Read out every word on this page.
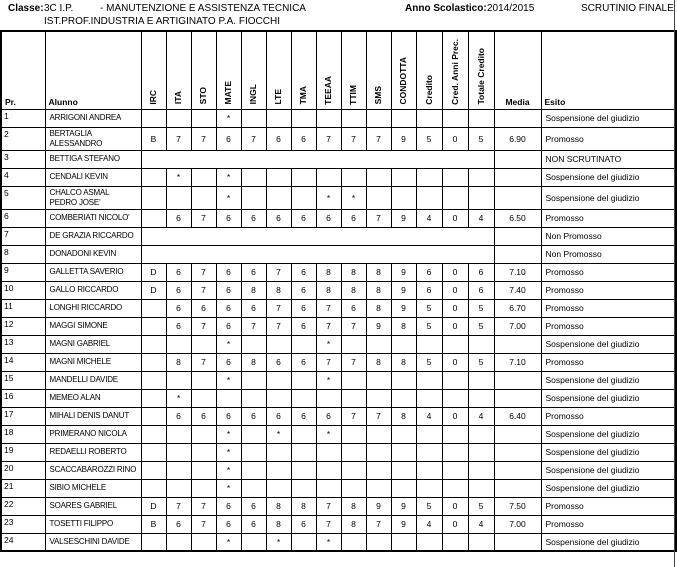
Classe: 3C I.P.	- MANUTENZIONE E ASSISTENZA TECNICA
IST.PROF.INDUSTRIA E ARTIGINATO P.A. FIOCCHI
Anno Scolastico: 2014/2015	SCRUTINIO FINALE
Pr.	Alunno	IRC	ITA	STO	MATE	INGL	LTE	TMA	TEEAA	TTIM	SMS	CONDOTTA	Credito	Cred. Anni Prec.	Totale Credito	Media	Esito
1	ARRIGONI ANDREA				*												Sospensione del giudizio
2	BERTAGLIA ALESSANDRO	B	7	7	6	7	6	6	7	7	7	9	5	0	5	6.90	Promosso
3	BETTIGA STEFANO																NON SCRUTINATO
4	CENDALI KEVIN		*		*												Sospensione del giudizio
5	CHALCO ASMAL PEDRO JOSE'				*				*	*							Sospensione del giudizio
6	COMBERIATI NICOLO'		6	7	6	6	6	6	6	6	7	9	4	0	4	6.50	Promosso
7	DE GRAZIA RICCARDO																Non Promosso
8	DONADONI KEVIN																Non Promosso
9	GALLETTA SAVERIO	D	6	7	6	6	7	6	8	8	8	9	6	0	6	7.10	Promosso
10	GALLO RICCARDO	D	6	7	6	8	8	6	8	8	8	9	6	0	6	7.40	Promosso
11	LONGHI RICCARDO		6	6	6	6	7	6	7	6	8	9	5	0	5	6.70	Promosso
12	MAGGI SIMONE		6	7	6	7	7	6	7	7	9	8	5	0	5	7.00	Promosso
13	MAGNI GABRIEL				*				*								Sospensione del giudizio
14	MAGNI MICHELE		8	7	6	8	6	6	7	7	8	8	5	0	5	7.10	Promosso
15	MANDELLI DAVIDE				*				*								Sospensione del giudizio
16	MEMEO ALAN		*														Sospensione del giudizio
17	MIHALI DENIS DANUT		6	6	6	6	6	6	6	7	7	8	4	0	4	6.40	Promosso
18	PRIMERANO NICOLA				*		*		*								Sospensione del giudizio
19	REDAELLI ROBERTO				*												Sospensione del giudizio
20	SCACCABAROZZI RINO				*												Sospensione del giudizio
21	SIBIO MICHELE				*												Sospensione del giudizio
22	SOARES GABRIEL	D	7	7	6	6	8	8	7	8	9	9	5	0	5	7.50	Promosso
23	TOSETTI FILIPPO	B	6	7	6	6	8	6	7	8	7	9	4	0	4	7.00	Promosso
24	VALSESCHINI DAVIDE				*		*		*								Sospensione del giudizio
